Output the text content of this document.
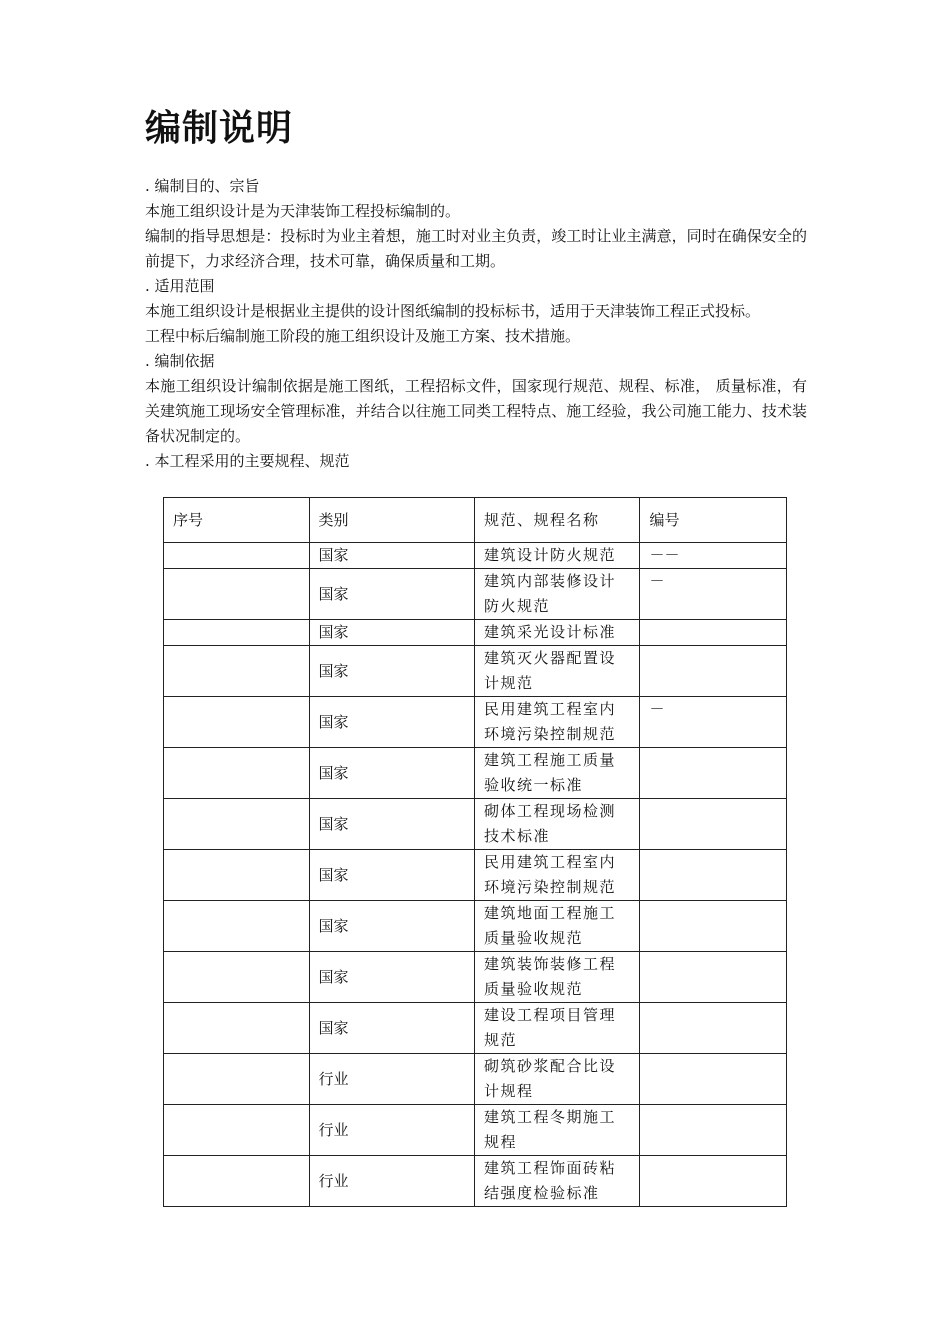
编制说明

. 编制目的、宗旨

本施工组织设计是为天津装饰工程投标编制的。

编制的指导思想是：投标时为业主着想，施工时对业主负责，竣工时让业主满意，同时在确保安全的前提下，力求经济合理，技术可靠，确保质量和工期。

. 适用范围

本施工组织设计是根据业主提供的设计图纸编制的投标标书，适用于天津装饰工程正式投标。

工程中标后编制施工阶段的施工组织设计及施工方案、技术措施。

. 编制依据

本施工组织设计编制依据是施工图纸，工程招标文件，国家现行规范、规程、标准， 质量标准，有关建筑施工现场安全管理标准，并结合以往施工同类工程特点、施工经验，我公司施工能力、技术装备状况制定的。

. 本工程采用的主要规程、规范

序号	类别	规范、规程名称	编号
	国家	建筑设计防火规范	－－
	国家	建筑内部装修设计防火规范	－
	国家	建筑采光设计标准	
	国家	建筑灭火器配置设计规范	
	国家	民用建筑工程室内环境污染控制规范	－
	国家	建筑工程施工质量验收统一标准	
	国家	砌体工程现场检测技术标准	
	国家	民用建筑工程室内环境污染控制规范	
	国家	建筑地面工程施工质量验收规范	
	国家	建筑装饰装修工程质量验收规范	
	国家	建设工程项目管理规范	
	行业	砌筑砂浆配合比设计规程	
	行业	建筑工程冬期施工规程	
	行业	建筑工程饰面砖粘结强度检验标准	
